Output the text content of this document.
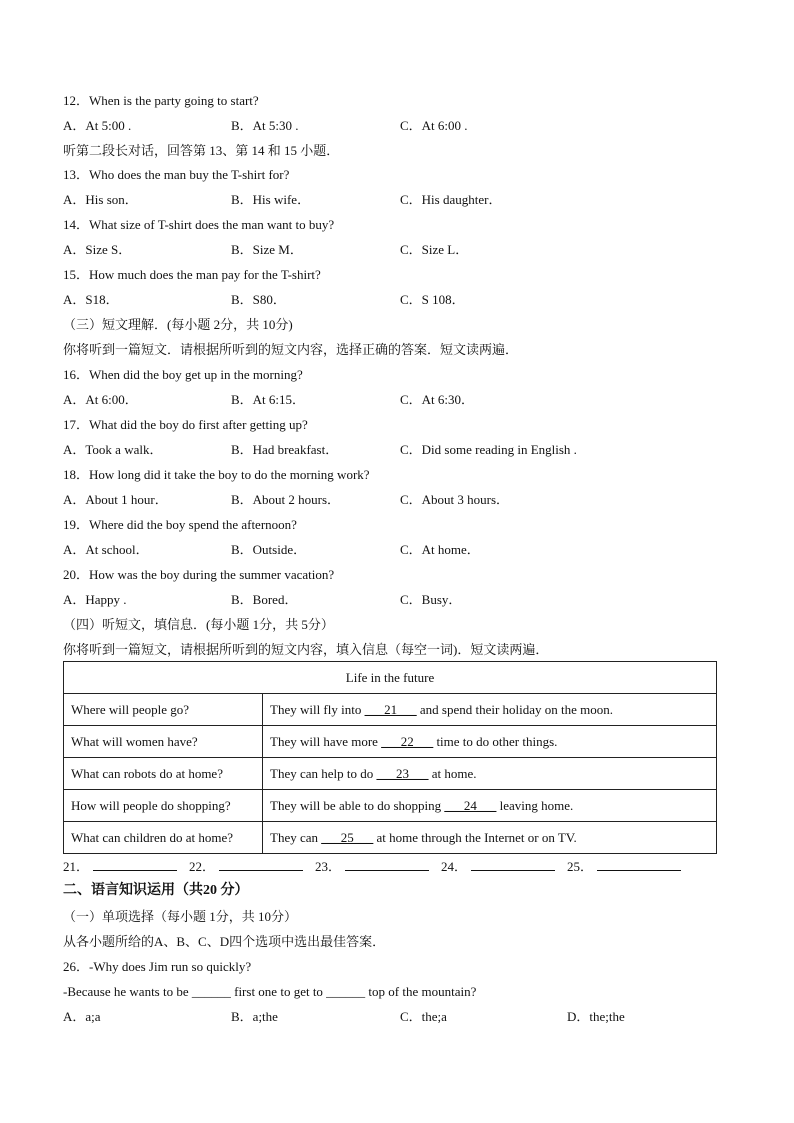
12．When is the party going to start?
A．At 5:00 .	B．At 5:30 .	C．At 6:00 .
听第二段长对话，回答第 13、第 14 和 15 小题．
13．Who does the man buy the T-shirt for?
A．His son．	B．His wife．	C．His daughter．
14．What size of T-shirt does the man want to buy?
A．Size S．	B．Size M．	C．Size L．
15．How much does the man pay for the T-shirt?
A．S18．	B．S80．	C．S 108．
（三）短文理解．(每小题 2分，共 10分)
你将听到一篇短文．请根据所听到的短文内容，选择正确的答案．短文读两遍．
16．When did the boy get up in the morning?
A．At 6:00．	B．At 6:15．	C．At 6:30．
17．What did the boy do first after getting up?
A．Took a walk．	B．Had breakfast．	C．Did some reading in English .
18．How long did it take the boy to do the morning work?
A．About 1 hour．	B．About 2 hours．	C．About 3 hours．
19．Where did the boy spend the afternoon?
A．At school．	B．Outside．	C．At home．
20．How was the boy during the summer vacation?
A．Happy .	B．Bored．	C．Busy．
（四）听短文，填信息．(每小题 1分，共 5分）
你将听到一篇短文，请根据所听到的短文内容，填入信息（每空一词)．短文读两遍．
Life in the future	
Where will people go?	They will fly into ___21___ and spend their holiday on the moon.
What will women have?	They will have more ___22___ time to do other things.
What can robots do at home?	They can help to do ___23___ at home.
How will people do shopping?	They will be able to do shopping ___24___ leaving home.
What can children do at home?	They can ___25___ at home through the Internet or on TV.
21．	22．	23．	24．	25．
二、语言知识运用（共20 分）
（一）单项选择（每小题 1分，共 10分）
从各小题所给的A、B、C、D四个选项中选出最佳答案．
26．-Why does Jim run so quickly?
-Because he wants to be ______ first one to get to ______ top of the mountain?
A．a;a	B．a;the	C．the;a	D．the;the
